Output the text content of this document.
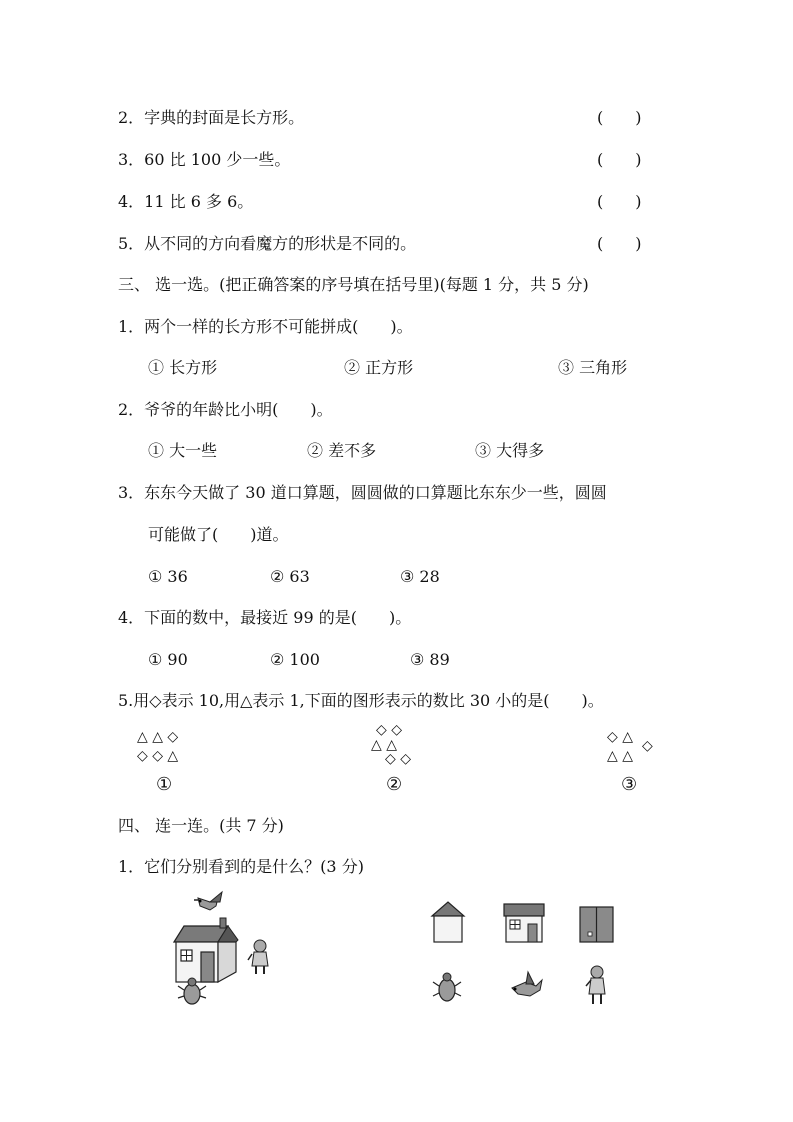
2．字典的封面是长方形。	(　　)
3．60 比 100 少一些。	(　　)
4．11 比 6 多 6。	(　　)
5．从不同的方向看魔方的形状是不同的。	(　　)
三、 选一选。(把正确答案的序号填在括号里)(每题 1 分，共 5 分)
1．两个一样的长方形不可能拼成(　　)。
① 长方形	② 正方形	③ 三角形
2．爷爷的年龄比小明(　　)。
① 大一些	② 差不多	③ 大得多
3．东东今天做了 30 道口算题，圆圆做的口算题比东东少一些，圆圆
可能做了(　　)道。
① 36	② 63	③ 28
4．下面的数中，最接近 99 的是(　　)。
① 90	② 100	③ 89
5.用◇表示 10,用△表示 1,下面的图形表示的数比 30 小的是(　　)。
△ △ ◇
◇ ◇ △
◇ ◇
△ △
◇ ◇
◇ △
△ △
◇
①	②	③
四、 连一连。(共 7 分)
1．它们分别看到的是什么？(3 分)
